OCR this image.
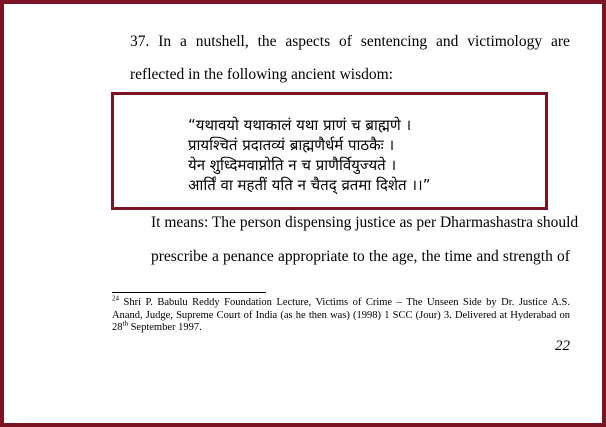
37. In a nutshell, the aspects of sentencing and victimology are
reflected in the following ancient wisdom:
“यथावयो यथाकालं यथा प्राणं च ब्राह्मणे ।
प्रायश्चितं प्रदातव्यं ब्राह्मणैर्धर्म पाठकैः ।
येन शुध्दिमवाप्नोति न च प्राणैर्वियुज्यते ।
आर्तिं वा महतीं यति न चैतद् व्रतमा दिशेत ।।”
It means: The person dispensing justice as per Dharmashastra should
prescribe a penance appropriate to the age, the time and strength of
$^{24}$ Shri P. Babulu Reddy Foundation Lecture, Victims of Crime – The Unseen Side by Dr. Justice A.S. Anand, Judge, Supreme Court of India (as he then was) (1998) 1 SCC (Jour) 3. Delivered at Hyderabad on 28th September 1997.
22
